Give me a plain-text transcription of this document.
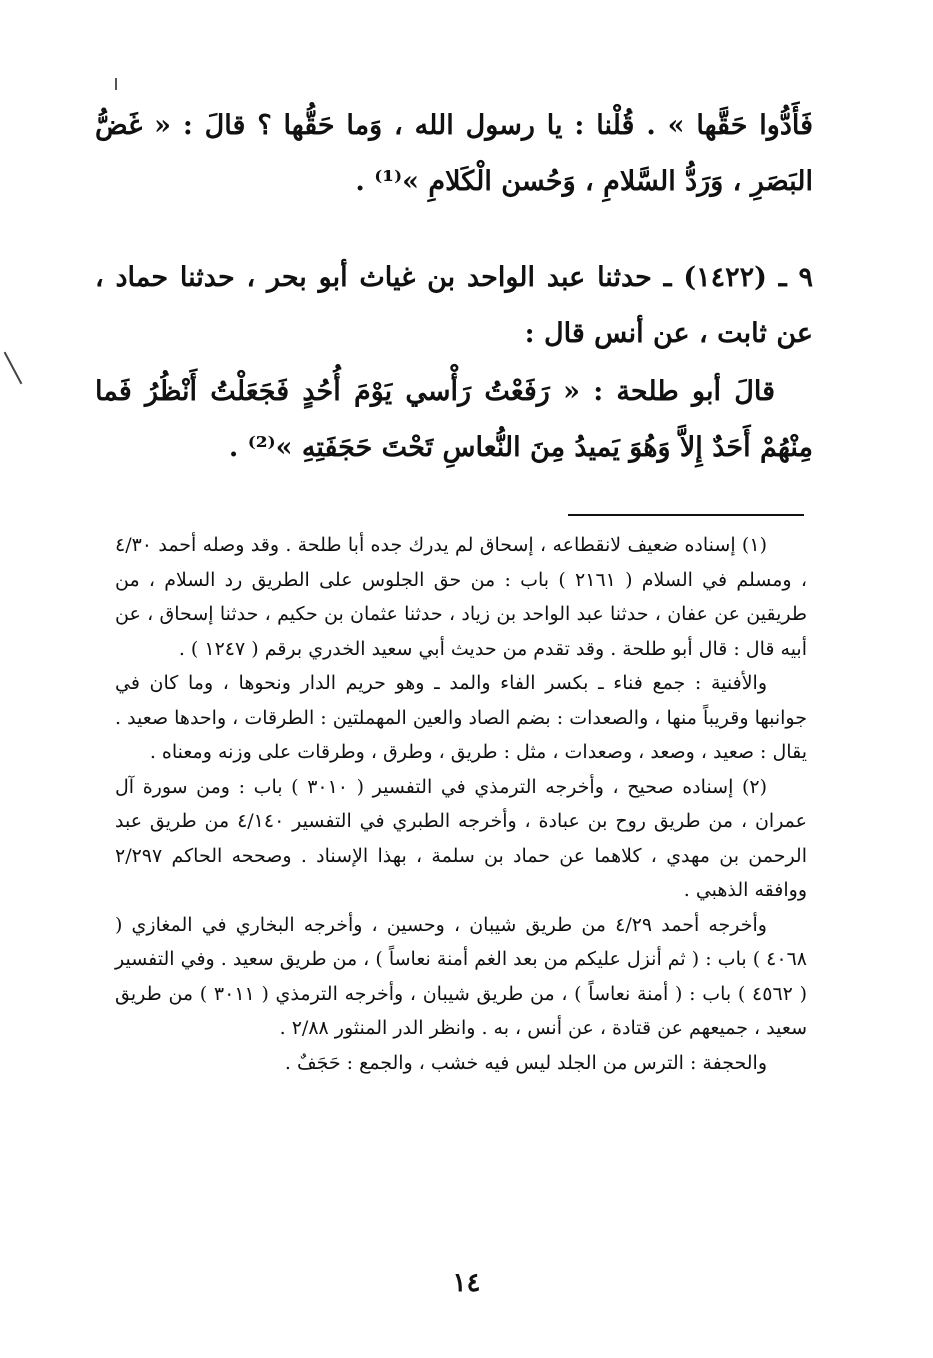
فَأَدُّوا حَقَّها » . قُلْنا : يا رسول الله ، وَما حَقُّها ؟ قالَ : « غَضُّ البَصَرِ ، وَرَدُّ السَّلامِ ، وَحُسن الْكَلامِ »⁽¹⁾ .

٩ ـ (١٤٢٢) ـ حدثنا عبد الواحد بن غياث أبو بحر ، حدثنا حماد ، عن ثابت ، عن أنس قال :

قالَ أبو طلحة : « رَفَعْتُ رَأْسي يَوْمَ أُحُدٍ فَجَعَلْتُ أَنْظُرُ فَما مِنْهُمْ أَحَدٌ إِلاَّ وَهُوَ يَميدُ مِنَ النُّعاسِ تَحْتَ حَجَفَتِهِ »⁽²⁾ .

(١) إسناده ضعيف لانقطاعه ، إسحاق لم يدرك جده أبا طلحة . وقد وصله أحمد ٤/٣٠ ، ومسلم في السلام ( ٢١٦١ ) باب : من حق الجلوس على الطريق رد السلام ، من طريقين عن عفان ، حدثنا عبد الواحد بن زياد ، حدثنا عثمان بن حكيم ، حدثنا إسحاق ، عن أبيه قال : قال أبو طلحة . وقد تقدم من حديث أبي سعيد الخدري برقم ( ١٢٤٧ ) .

والأفنية : جمع فناء ـ بكسر الفاء والمد ـ وهو حريم الدار ونحوها ، وما كان في جوانبها وقريباً منها ، والصعدات : بضم الصاد والعين المهملتين : الطرقات ، واحدها صعيد . يقال : صعيد ، وصعد ، وصعدات ، مثل : طريق ، وطرق ، وطرقات على وزنه ومعناه .

(٢) إسناده صحيح ، وأخرجه الترمذي في التفسير ( ٣٠١٠ ) باب : ومن سورة آل عمران ، من طريق روح بن عبادة ، وأخرجه الطبري في التفسير ٤/١٤٠ من طريق عبد الرحمن بن مهدي ، كلاهما عن حماد بن سلمة ، بهذا الإسناد . وصححه الحاكم ٢/٢٩٧ ووافقه الذهبي .

وأخرجه أحمد ٤/٢٩ من طريق شيبان ، وحسين ، وأخرجه البخاري في المغازي ( ٤٠٦٨ ) باب : ( ثم أنزل عليكم من بعد الغم أمنة نعاساً ) ، من طريق سعيد . وفي التفسير ( ٤٥٦٢ ) باب : ( أمنة نعاساً ) ، من طريق شيبان ، وأخرجه الترمذي ( ٣٠١١ ) من طريق سعيد ، جميعهم عن قتادة ، عن أنس ، به . وانظر الدر المنثور ٢/٨٨ .

والحجفة : الترس من الجلد ليس فيه خشب ، والجمع : حَجَفٌ .

١٤
